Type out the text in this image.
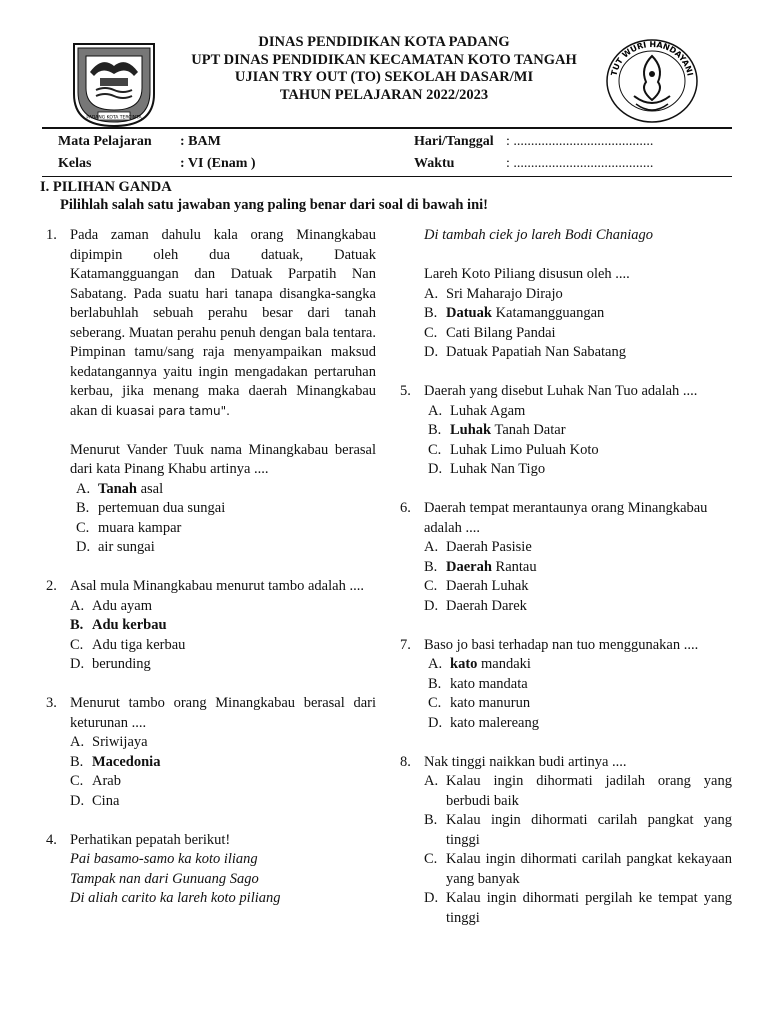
PADANG KOTA TERCINTA
TUT WURI HANDAYANI
DINAS PENDIDIKAN KOTA PADANG
UPT DINAS PENDIDIKAN KECAMATAN KOTO TANGAH
UJIAN TRY OUT (TO) SEKOLAH DASAR/MI
TAHUN PELAJARAN 2022/2023
Mata Pelajaran : BAM
Kelas	: VI (Enam )
Hari/Tanggal : ........................................
Waktu	: ........................................
I. PILIHAN GANDA
Pilihlah salah satu jawaban yang paling benar dari soal di bawah ini!
1. Pada zaman dahulu kala orang Minangkabau dipimpin oleh dua datuak, Datuak Katamangguangan dan Datuak Parpatih Nan Sabatang. Pada suatu hari tanapa disangka-sangka berlabuhlah sebuah perahu besar dari tanah seberang. Muatan perahu penuh dengan bala tentara. Pimpinan tamu/sang raja menyampaikan maksud kedatangannya yaitu ingin mengadakan pertaruhan kerbau, jika menang maka daerah Minangkabau akan di kuasai para tamu".
Menurut Vander Tuuk nama Minangkabau berasal dari kata Pinang Khabu artinya ....
A. Tanah asal
B. pertemuan dua sungai
C. muara kampar
D. air sungai
2. Asal mula Minangkabau menurut tambo adalah ....
A. Adu ayam
B. Adu kerbau
C. Adu tiga kerbau
D. berunding
3. Menurut tambo orang Minangkabau berasal dari keturunan ....
A. Sriwijaya
B. Macedonia
C. Arab
D. Cina
4. Perhatikan pepatah berikut!
Pai basamo-samo ka koto iliang
Tampak nan dari Gunuang Sago
Di aliah carito ka lareh koto piliang
Di tambah ciek jo lareh Bodi Chaniago
Lareh Koto Piliang disusun oleh ....
A. Sri Maharajo Dirajo
B. Datuak Katamangguangan
C. Cati Bilang Pandai
D. Datuak Papatiah Nan Sabatang
5. Daerah yang disebut Luhak Nan Tuo adalah ....
A. Luhak Agam
B. Luhak Tanah Datar
C. Luhak Limo Puluah Koto
D. Luhak Nan Tigo
6. Daerah tempat merantaunya orang Minangkabau adalah ....
A. Daerah Pasisie
B. Daerah Rantau
C. Daerah Luhak
D. Daerah Darek
7. Baso jo basi terhadap nan tuo menggunakan ....
A. kato mandaki
B. kato mandata
C. kato manurun
D. kato malereang
8. Nak tinggi naikkan budi artinya ....
A. Kalau ingin dihormati jadilah orang yang berbudi baik
B. Kalau ingin dihormati carilah pangkat yang tinggi
C. Kalau ingin dihormati carilah pangkat kekayaan yang banyak
D. Kalau ingin dihormati pergilah ke tempat yang tinggi
